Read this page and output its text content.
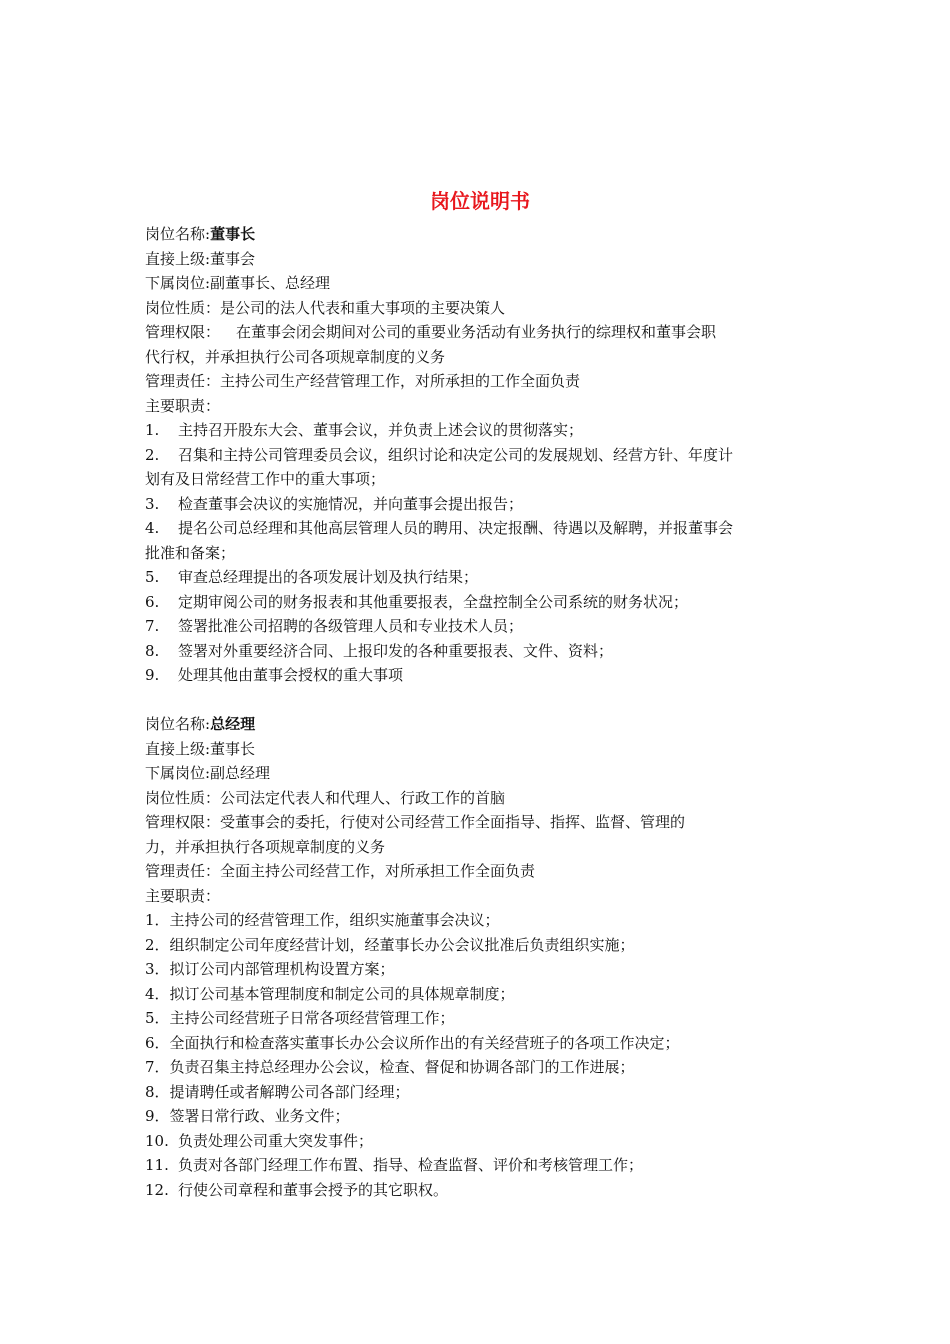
岗位说明书
岗位名称:董事长
直接上级:董事会
下属岗位:副董事长、总经理
岗位性质：是公司的法人代表和重大事项的主要决策人
管理权限： 在董事会闭会期间对公司的重要业务活动有业务执行的综理权和董事会职
代行权，并承担执行公司各项规章制度的义务
管理责任：主持公司生产经营管理工作，对所承担的工作全面负责
主要职责：
1. 主持召开股东大会、董事会议，并负责上述会议的贯彻落实；
2. 召集和主持公司管理委员会议，组织讨论和决定公司的发展规划、经营方针、年度计
划有及日常经营工作中的重大事项；
3. 检查董事会决议的实施情况，并向董事会提出报告；
4. 提名公司总经理和其他高层管理人员的聘用、决定报酬、待遇以及解聘，并报董事会
批准和备案；
5. 审查总经理提出的各项发展计划及执行结果；
6. 定期审阅公司的财务报表和其他重要报表，全盘控制全公司系统的财务状况；
7. 签署批准公司招聘的各级管理人员和专业技术人员；
8. 签署对外重要经济合同、上报印发的各种重要报表、文件、资料；
9. 处理其他由董事会授权的重大事项
岗位名称:总经理
直接上级:董事长
下属岗位:副总经理
岗位性质：公司法定代表人和代理人、行政工作的首脑
管理权限：受董事会的委托，行使对公司经营工作全面指导、指挥、监督、管理的
力，并承担执行各项规章制度的义务
管理责任：全面主持公司经营工作，对所承担工作全面负责
主要职责：
1．主持公司的经营管理工作，组织实施董事会决议；
2．组织制定公司年度经营计划，经董事长办公会议批准后负责组织实施；
3．拟订公司内部管理机构设置方案；
4．拟订公司基本管理制度和制定公司的具体规章制度；
5．主持公司经营班子日常各项经营管理工作；
6．全面执行和检查落实董事长办公会议所作出的有关经营班子的各项工作决定；
7．负责召集主持总经理办公会议，检查、督促和协调各部门的工作进展；
8．提请聘任或者解聘公司各部门经理；
9．签署日常行政、业务文件；
10. 负责处理公司重大突发事件；
11. 负责对各部门经理工作布置、指导、检查监督、评价和考核管理工作；
12. 行使公司章程和董事会授予的其它职权。
